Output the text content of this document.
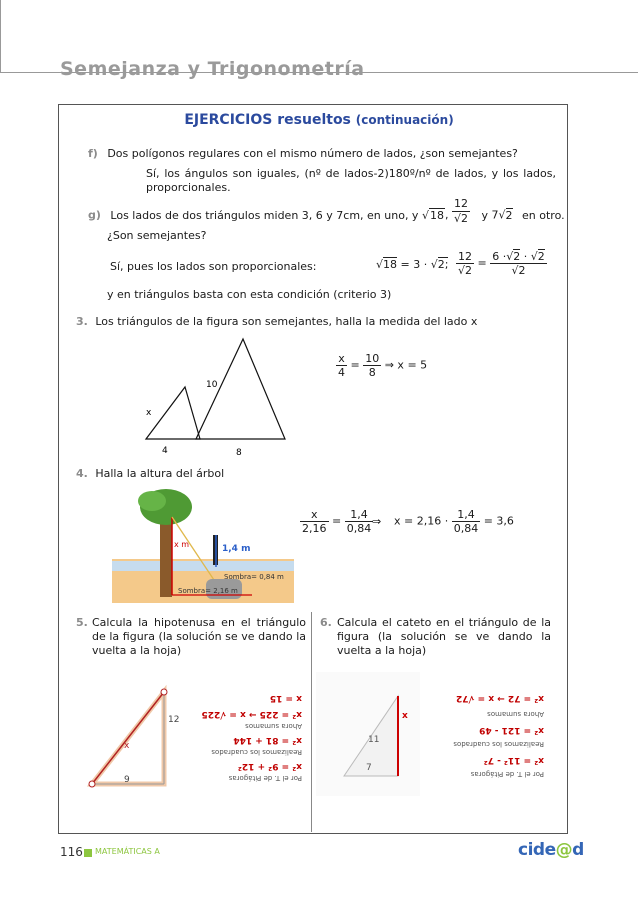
Semejanza y Trigonometría
EJERCICIOS resueltos (continuación)
f) Dos polígonos regulares con el mismo número de lados, ¿son semejantes?
Sí, los ángulos son iguales, (nº de lados-2)180º/nº de lados, y los lados, proporcionales.
g) Los lados de dos triángulos miden 3, 6 y 7cm, en uno, y √18, $\frac{12}{√2}$ y 7√2 en otro.
¿Son semejantes?
Sí, pues los lados son proporcionales:	√18 = 3 · √2; $\frac{12}{√2} = \frac{6 \cdot√2 \cdot √2}{√2}$
y en triángulos basta con esta condición (criterio 3)
3. Los triángulos de la figura son semejantes, halla la medida del lado x
x
4
10
8
$\frac{x}{4} = \frac{10}{8}$ ⇒ x = 5
4. Halla la altura del árbol
x m	1,4 m
Sombra= 0,84 m
Sombra= 2,16 m
$\frac{x}{2,16} = \frac{1,4}{0,84}$
⇒ $x = 2,16 \cdot \frac{1,4}{0,84} = 3,6$
5. Calcula la hipotenusa en el triángulo de la figura (la solución se ve dando la vuelta a la hoja)
12
9
x
Por el T. de Pitágoras
x² = 9² + 12²
Realizamos los cuadrados
x² = 81 + 144
Ahora sumamos
x² = 225 → x = √225
x = 15
6. Calcula el cateto en el triángulo de la figura (la solución se ve dando la vuelta a la hoja)
x
11
7
Por el T. de Pitágoras
x² = 11² - 7²
Realizamos los cuadrados
x² = 121 - 49
Ahora sumamos
x² = 72 → x = √72
116 MATEMÁTICAS A	cide@d
